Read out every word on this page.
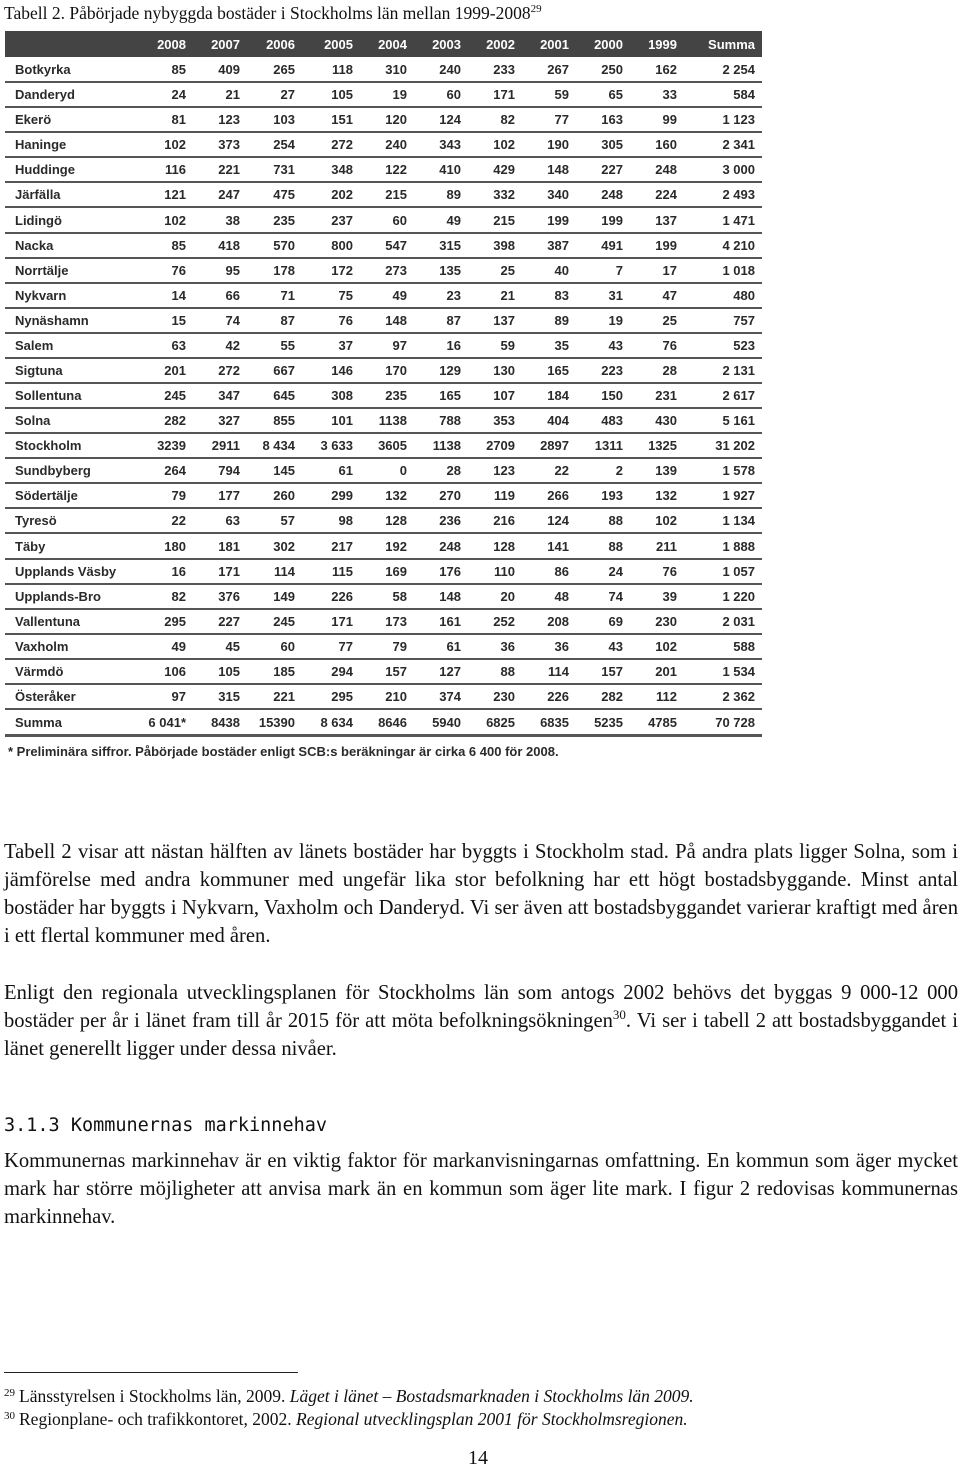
Tabell 2. Påbörjade nybyggda bostäder i Stockholms län mellan 1999-2008$^{29}$
	2008	2007	2006	2005	2004	2003	2002	2001	2000	1999	Summa
Botkyrka	85	409	265	118	310	240	233	267	250	162	2 254
Danderyd	24	21	27	105	19	60	171	59	65	33	584
Ekerö	81	123	103	151	120	124	82	77	163	99	1 123
Haninge	102	373	254	272	240	343	102	190	305	160	2 341
Huddinge	116	221	731	348	122	410	429	148	227	248	3 000
Järfälla	121	247	475	202	215	89	332	340	248	224	2 493
Lidingö	102	38	235	237	60	49	215	199	199	137	1 471
Nacka	85	418	570	800	547	315	398	387	491	199	4 210
Norrtälje	76	95	178	172	273	135	25	40	7	17	1 018
Nykvarn	14	66	71	75	49	23	21	83	31	47	480
Nynäshamn	15	74	87	76	148	87	137	89	19	25	757
Salem	63	42	55	37	97	16	59	35	43	76	523
Sigtuna	201	272	667	146	170	129	130	165	223	28	2 131
Sollentuna	245	347	645	308	235	165	107	184	150	231	2 617
Solna	282	327	855	101	1138	788	353	404	483	430	5 161
Stockholm	3239	2911	8 434	3 633	3605	1138	2709	2897	1311	1325	31 202
Sundbyberg	264	794	145	61	0	28	123	22	2	139	1 578
Södertälje	79	177	260	299	132	270	119	266	193	132	1 927
Tyresö	22	63	57	98	128	236	216	124	88	102	1 134
Täby	180	181	302	217	192	248	128	141	88	211	1 888
Upplands Väsby	16	171	114	115	169	176	110	86	24	76	1 057
Upplands-Bro	82	376	149	226	58	148	20	48	74	39	1 220
Vallentuna	295	227	245	171	173	161	252	208	69	230	2 031
Vaxholm	49	45	60	77	79	61	36	36	43	102	588
Värmdö	106	105	185	294	157	127	88	114	157	201	1 534
Österåker	97	315	221	295	210	374	230	226	282	112	2 362
Summa	6 041*	8438	15390	8 634	8646	5940	6825	6835	5235	4785	70 728
* Preliminära siffror. Påbörjade bostäder enligt SCB:s beräkningar är cirka 6 400 för 2008.
Tabell 2 visar att nästan hälften av länets bostäder har byggts i Stockholm stad. På andra plats ligger Solna, som i jämförelse med andra kommuner med ungefär lika stor befolkning har ett högt bostadsbyggande. Minst antal bostäder har byggts i Nykvarn, Vaxholm och Danderyd. Vi ser även att bostadsbyggandet varierar kraftigt med åren i ett flertal kommuner med åren.
Enligt den regionala utvecklingsplanen för Stockholms län som antogs 2002 behövs det byggas 9 000-12 000 bostäder per år i länet fram till år 2015 för att möta befolkningsökningen$^{30}$. Vi ser i tabell 2 att bostadsbyggandet i länet generellt ligger under dessa nivåer.
3.1.3 Kommunernas markinnehav
Kommunernas markinnehav är en viktig faktor för markanvisningarnas omfattning. En kommun som äger mycket mark har större möjligheter att anvisa mark än en kommun som äger lite mark. I figur 2 redovisas kommunernas markinnehav.
$^{29}$ Länsstyrelsen i Stockholms län, 2009. Läget i länet – Bostadsmarknaden i Stockholms län 2009.
$^{30}$ Regionplane- och trafikkontoret, 2002. Regional utvecklingsplan 2001 för Stockholmsregionen.
14
